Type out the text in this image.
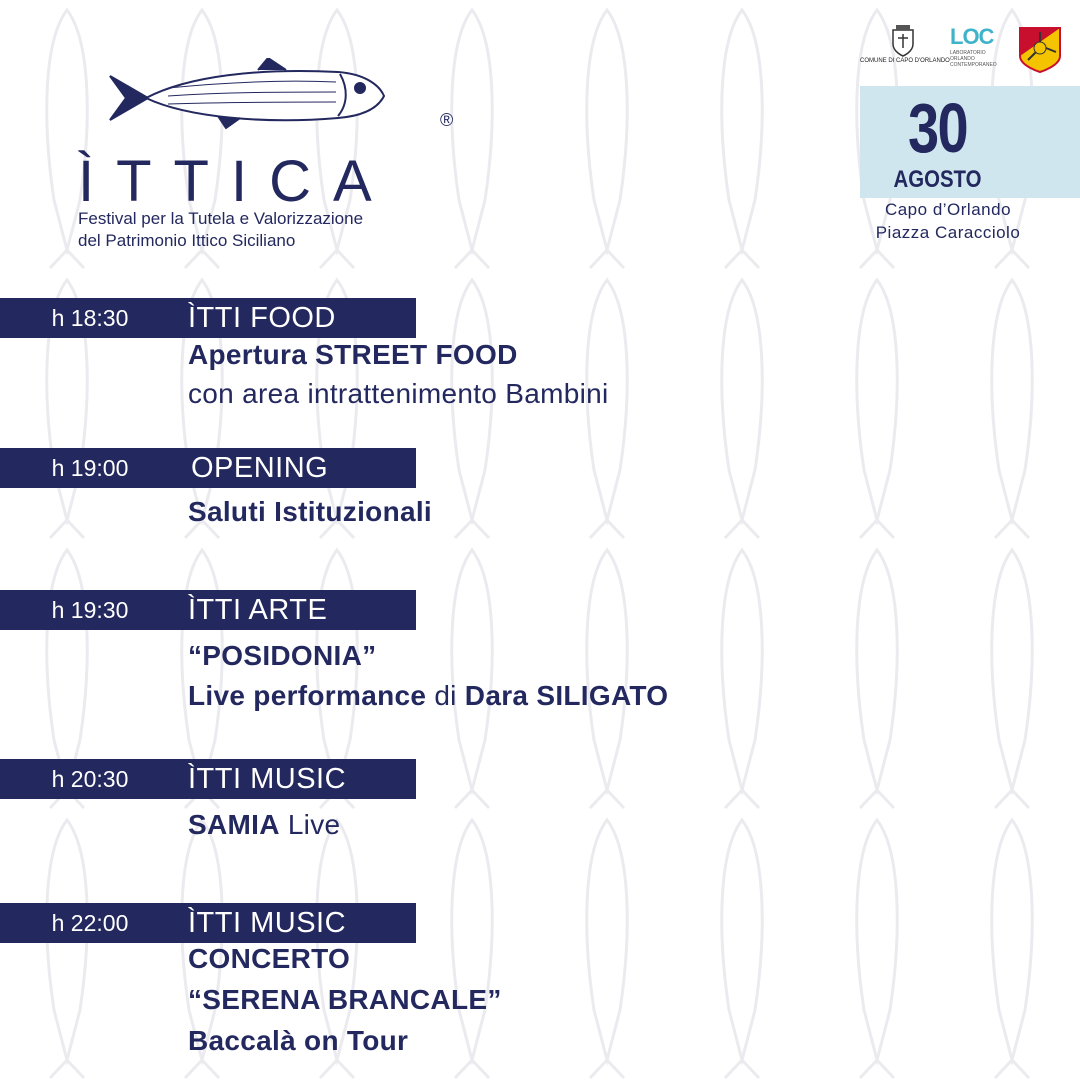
®
ÌTTICA
Festival per la Tutela e Valorizzazione
del Patrimonio Ittico Siciliano
COMUNE DI CAPO D'ORLANDO
LOC
LABORATORIO
ORLANDO
CONTEMPORANEO
30
AGOSTO
Capo d’Orlando
Piazza Caracciolo
h 18:30	ÌTTI FOOD
Apertura STREET FOOD
con area intrattenimento Bambini
h 19:00	OPENING
Saluti Istituzionali
h 19:30	ÌTTI ARTE
“POSIDONIA”
Live performance di Dara SILIGATO
h 20:30	ÌTTI MUSIC
SAMIA Live
h 22:00	ÌTTI MUSIC
CONCERTO
“SERENA BRANCALE”
Baccalà on Tour
